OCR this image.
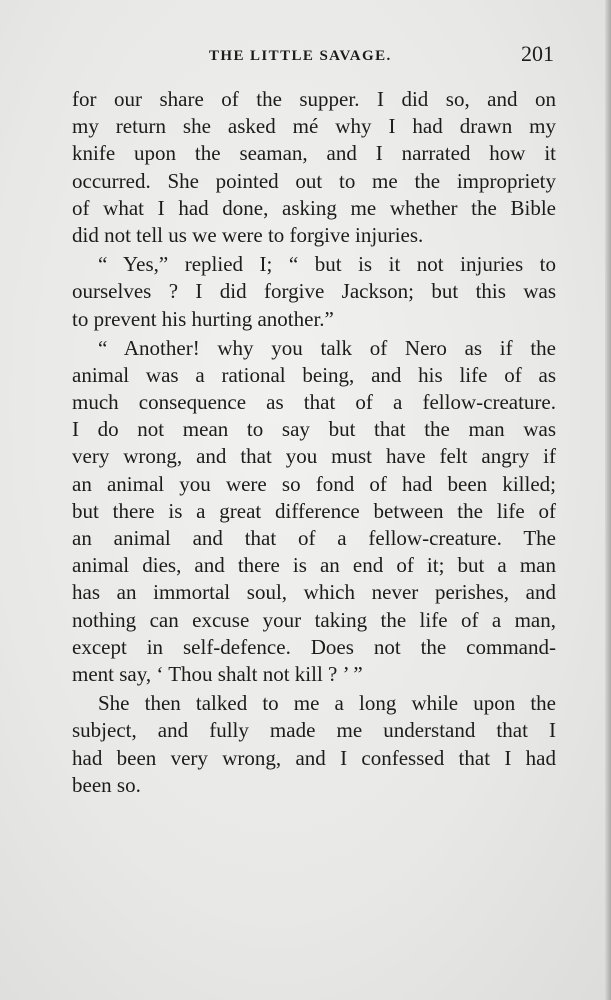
THE LITTLE SAVAGE.	201
for our share of the supper. I did so, and on
my return she asked mé why I had drawn my
knife upon the seaman, and I narrated how it
occurred. She pointed out to me the impropriety
of what I had done, asking me whether the Bible
did not tell us we were to forgive injuries.
“ Yes,” replied I; “ but is it not injuries to
ourselves ? I did forgive Jackson; but this was
to prevent his hurting another.”
“ Another! why you talk of Nero as if the
animal was a rational being, and his life of as
much consequence as that of a fellow-creature.
I do not mean to say but that the man was
very wrong, and that you must have felt angry if
an animal you were so fond of had been killed;
but there is a great difference between the life of
an animal and that of a fellow-creature. The
animal dies, and there is an end of it; but a man
has an immortal soul, which never perishes, and
nothing can excuse your taking the life of a man,
except in self-defence. Does not the command-
ment say, ‘ Thou shalt not kill ? ’ ”
She then talked to me a long while upon the
subject, and fully made me understand that I
had been very wrong, and I confessed that I had
been so.
